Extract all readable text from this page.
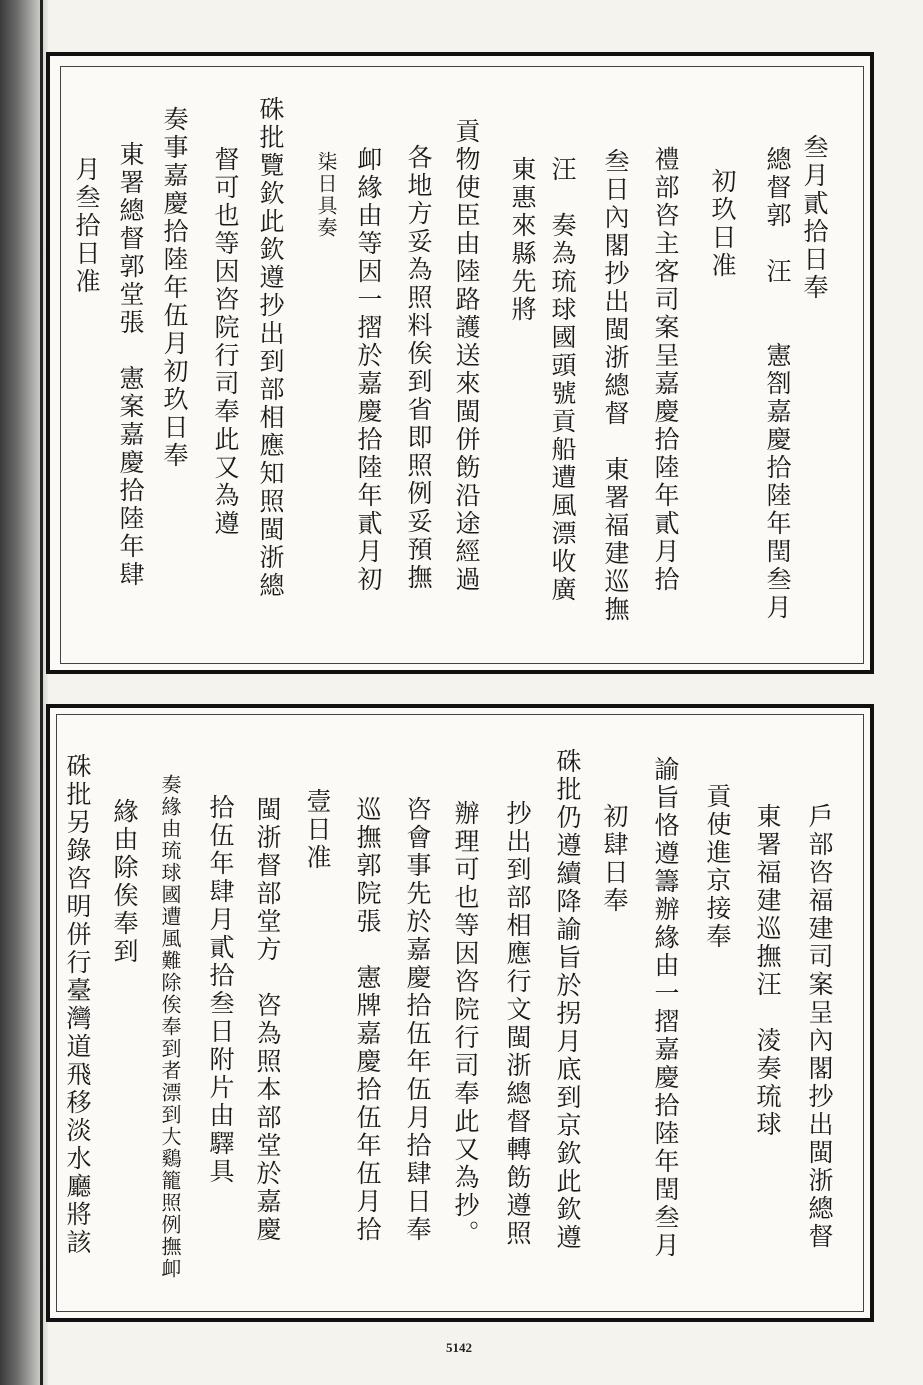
叁月貳拾日奉
總督郭　汪　　憲劄嘉慶拾陸年閏叁月
初玖日准
禮部咨主客司案呈嘉慶拾陸年貳月拾
叁日內閣抄出閩浙總督　東署福建巡撫
汪　奏為琉球國頭號貢船遭風漂收廣
東惠來縣先將
貢物使臣由陸路護送來閩併飭沿途經過
各地方妥為照料俟到省即照例妥預撫
卹緣由等因一摺於嘉慶拾陸年貳月初
柒日具奏
硃批覽欽此欽遵抄出到部相應知照閩浙總
督可也等因咨院行司奉此又為遵
奏事嘉慶拾陸年伍月初玖日奉
東署總督郭堂張　憲案嘉慶拾陸年肆
月叁拾日准
戶部咨福建司案呈內閣抄出閩浙總督
東署福建巡撫汪　淩奏琉球
貢使進京接奉
初肆日奉 諭旨恪遵籌辦緣由一摺嘉慶拾陸年閏叁月
硃批仍遵續降諭旨於拐月底到京欽此欽遵
抄出到部相應行文閩浙總督轉飭遵照
辦理可也等因咨院行司奉此又為抄。
咨會事先於嘉慶拾伍年伍月拾肆日奉
巡撫郭院張　憲牌嘉慶拾伍年伍月拾
壹日准
閩浙督部堂方　咨為照本部堂於嘉慶
拾伍年肆月貳拾叁日附片由驛具
奏緣由琉球國遭風難除俟奉到者漂到大鷄籠照例撫卹
緣由除俟奉到
硃批另錄咨明併行臺灣道飛移淡水廳將該
5142
